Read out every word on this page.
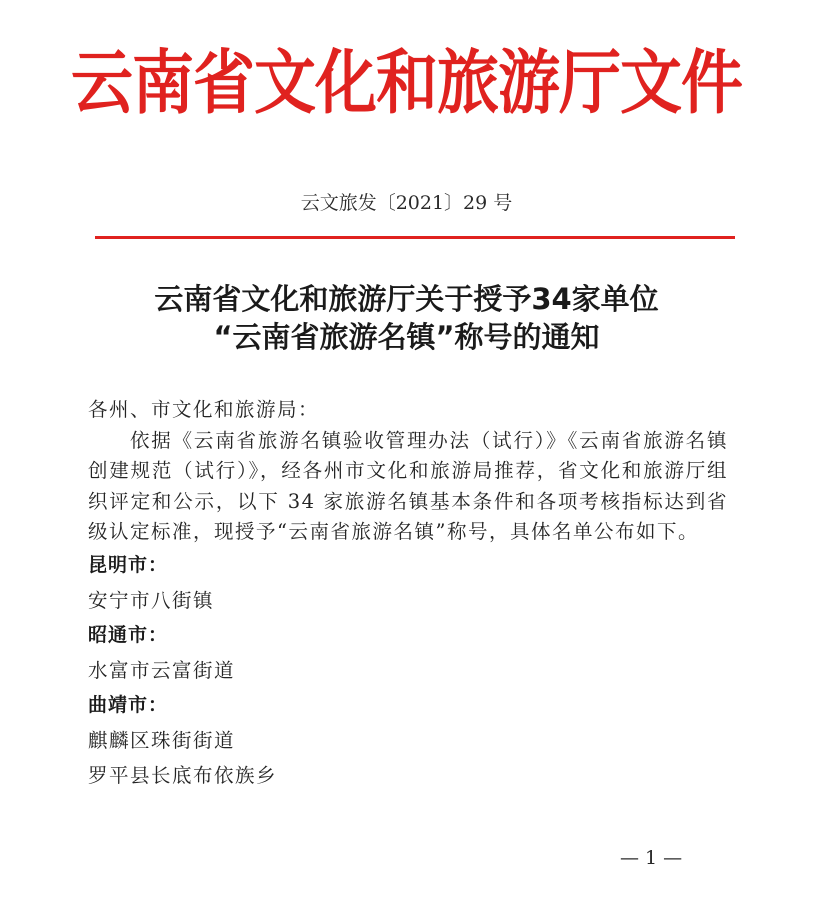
云南省文化和旅游厅文件
云文旅发〔2021〕29 号
云南省文化和旅游厅关于授予34家单位
“云南省旅游名镇”称号的通知

各州、市文化和旅游局：

依据《云南省旅游名镇验收管理办法（试行）》《云南省旅游名镇创建规范（试行）》，经各州市文化和旅游局推荐，省文化和旅游厅组织评定和公示，以下 34 家旅游名镇基本条件和各项考核指标达到省级认定标准，现授予“云南省旅游名镇”称号，具体名单公布如下。

昆明市：
安宁市八街镇
昭通市：
水富市云富街道
曲靖市：
麒麟区珠街街道
罗平县长底布依族乡
— 1 —
